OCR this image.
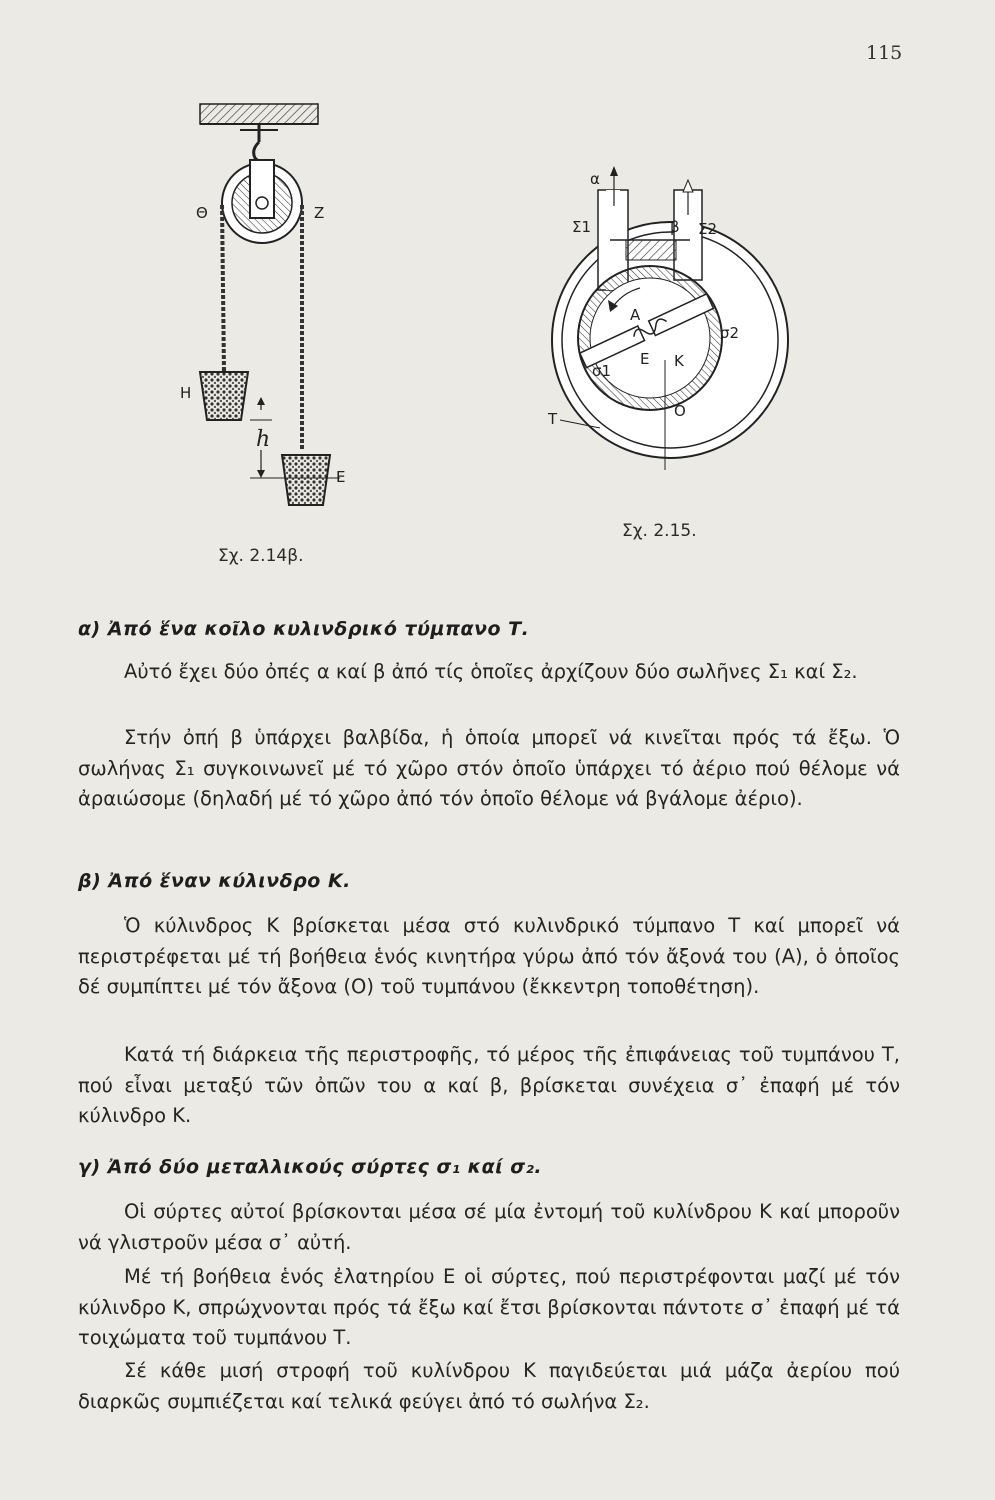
115
Θ	Z
H
h
E
α
β
Σ1	Σ2
A
E K
O
T
σ1
σ2
Σχ. 2.14β.
Σχ. 2.15.
α) Ἀπό ἕνα κοῖλο κυλινδρικό τύμπανο Τ.
Αὐτό ἔχει δύο ὀπές α καί β ἀπό τίς ὁποῖες ἀρχίζουν δύο σωλῆνες Σ₁ καί Σ₂.
Στήν ὀπή β ὑπάρχει βαλβίδα, ἡ ὁποία μπορεῖ νά κινεῖται πρός τά ἔξω. Ὁ σωλήνας Σ₁ συγκοινωνεῖ μέ τό χῶρο στόν ὁποῖο ὑπάρχει τό ἀέριο πού θέλομε νά ἀραιώσομε (δηλαδή μέ τό χῶρο ἀπό τόν ὁποῖο θέλομε νά βγάλομε ἀέριο).
β) Ἀπό ἕναν κύλινδρο Κ.
Ὁ κύλινδρος Κ βρίσκεται μέσα στό κυλινδρικό τύμπανο Τ καί μπορεῖ νά περιστρέφεται μέ τή βοήθεια ἑνός κινητήρα γύρω ἀπό τόν ἄξονά του (Α), ὁ ὁποῖος δέ συμπίπτει μέ τόν ἄξονα (Ο) τοῦ τυμπάνου (ἔκκεντρη τοποθέτηση).
Κατά τή διάρκεια τῆς περιστροφῆς, τό μέρος τῆς ἐπιφάνειας τοῦ τυμπάνου Τ, πού εἶναι μεταξύ τῶν ὀπῶν του α καί β, βρίσκεται συνέχεια σ᾽ ἐπαφή μέ τόν κύλινδρο Κ.
γ) Ἀπό δύο μεταλλικούς σύρτες σ₁ καί σ₂.
Οἱ σύρτες αὐτοί βρίσκονται μέσα σέ μία ἐντομή τοῦ κυλίνδρου Κ καί μποροῦν νά γλιστροῦν μέσα σ᾽ αὐτή.
Μέ τή βοήθεια ἑνός ἐλατηρίου Ε οἱ σύρτες, πού περιστρέφονται μαζί μέ τόν κύλινδρο Κ, σπρώχνονται πρός τά ἔξω καί ἔτσι βρίσκονται πάντοτε σ᾽ ἐπαφή μέ τά τοιχώματα τοῦ τυμπάνου Τ.
Σέ κάθε μισή στροφή τοῦ κυλίνδρου Κ παγιδεύεται μιά μάζα ἀερίου πού διαρκῶς συμπιέζεται καί τελικά φεύγει ἀπό τό σωλήνα Σ₂.
